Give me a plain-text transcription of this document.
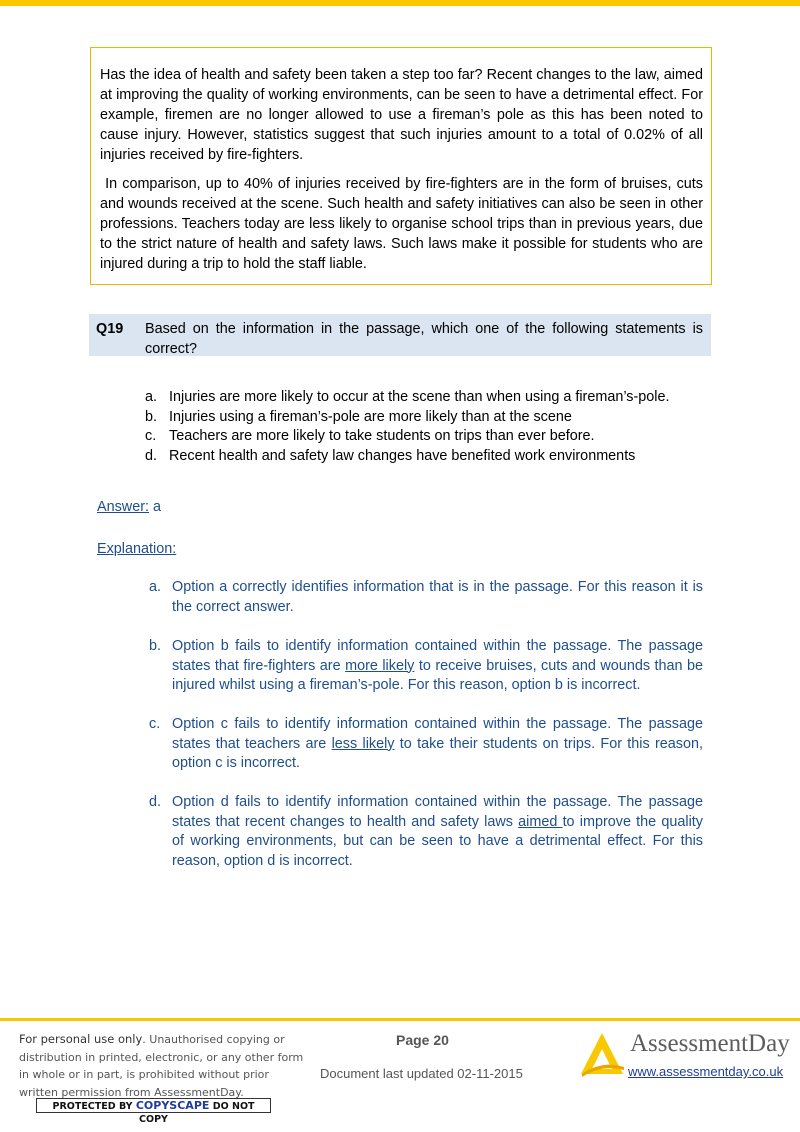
Has the idea of health and safety been taken a step too far? Recent changes to the law, aimed at improving the quality of working environments, can be seen to have a detrimental effect. For example, firemen are no longer allowed to use a fireman’s pole as this has been noted to cause injury. However, statistics suggest that such injuries amount to a total of 0.02% of all injuries received by fire-fighters.

In comparison, up to 40% of injuries received by fire-fighters are in the form of bruises, cuts and wounds received at the scene. Such health and safety initiatives can also be seen in other professions. Teachers today are less likely to organise school trips than in previous years, due to the strict nature of health and safety laws. Such laws make it possible for students who are injured during a trip to hold the staff liable.

Q19 Based on the information in the passage, which one of the following statements is correct?
a. Injuries are more likely to occur at the scene than when using a fireman’s-pole.
b. Injuries using a fireman’s-pole are more likely than at the scene
c. Teachers are more likely to take students on trips than ever before.
d. Recent health and safety law changes have benefited work environments
Answer: a
Explanation:
a. Option a correctly identifies information that is in the passage. For this reason it is the correct answer.
b. Option b fails to identify information contained within the passage. The passage states that fire-fighters are more likely to receive bruises, cuts and wounds than be injured whilst using a fireman’s-pole. For this reason, option b is incorrect.
c. Option c fails to identify information contained within the passage. The passage states that teachers are less likely to take their students on trips. For this reason, option c is incorrect.
d. Option d fails to identify information contained within the passage. The passage states that recent changes to health and safety laws aimed to improve the quality of working environments, but can be seen to have a detrimental effect. For this reason, option d is incorrect.
For personal use only. Unauthorised copying or distribution in printed, electronic, or any other form in whole or in part, is prohibited without prior written permission from AssessmentDay.
PROTECTED BY COPYSCAPE DO NOT COPY
Page 20
Document last updated 02-11-2015
AssessmentDay
www.assessmentday.co.uk
